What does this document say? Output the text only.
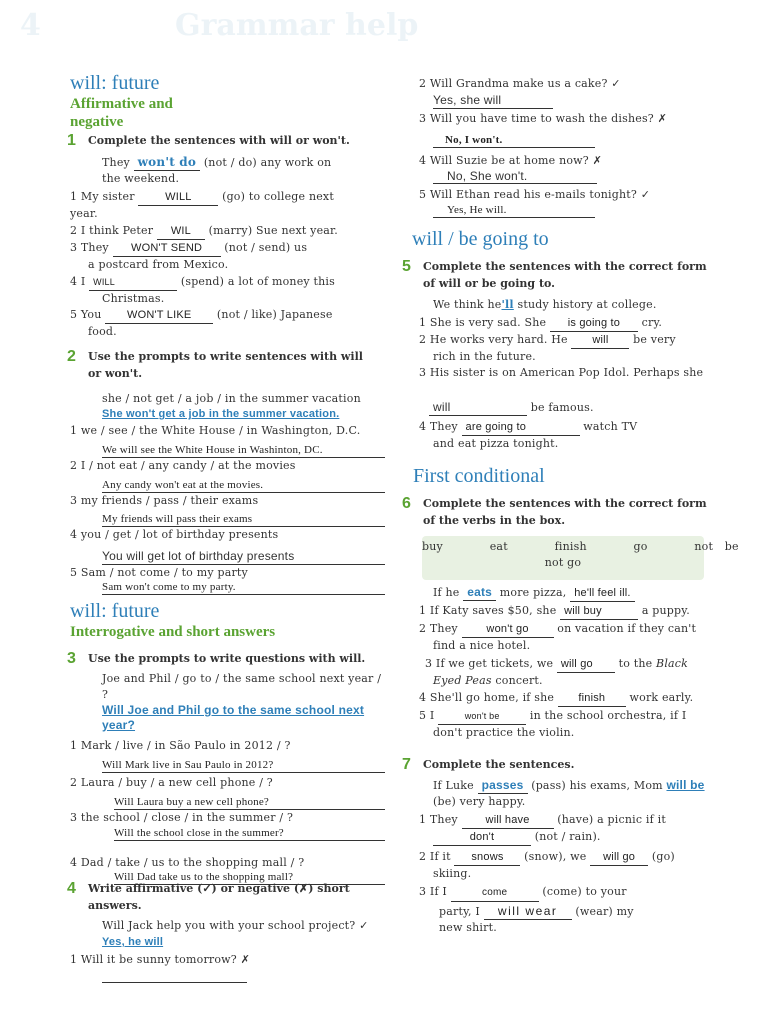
4	Grammar help
will: future
Affirmative and
negative
1	Complete the sentences with will or won't.
They won't do (not / do) any work on
the weekend.
1 My sister	WILL	(go) to college next
year.
2 I think Peter WIL (marry) Sue next year.
3 They WON'T SEND (not / send) us
a postcard from Mexico.
4 I WILL	(spend) a lot of money this
Christmas.
5 You WON'T LIKE (not / like) Japanese
food.
2	Use the prompts to write sentences with will
or won't.
she / not get / a job / in the summer vacation
She won't get a job in the summer vacation.
1 we / see / the White House / in Washington, D.C.
We will see the White House in Washinton, DC.
2 I / not eat / any candy / at the movies
Any candy won't eat at the movies.
3 my friends / pass / their exams
My friends will pass their exams
4 you / get / lot of birthday presents
You will get lot of birthday presents
5 Sam / not come / to my party
Sam won't come to my party.
will: future
Interrogative and short answers
3	Use the prompts to write questions with will.
Joe and Phil / go to / the same school next year / ?
Will Joe and Phil go to the same school next
year?
1 Mark / live / in São Paulo in 2012 / ?
Will Mark live in Sau Paulo in 2012?
2 Laura / buy / a new cell phone / ?
Will Laura buy a new cell phone?
3 the school / close / in the summer / ?
Will the school close in the summer?
4 Dad / take / us to the shopping mall / ?
Will Dad take us to the shopping mall?
4	Write affirmative (✓) or negative (✗) short
answers.
Will Jack help you with your school project? ✓
Yes, he will
1 Will it be sunny tomorrow? ✗
2 Will Grandma make us a cake? ✓
Yes, she will
3 Will you have time to wash the dishes? ✗
No, I won't.
4 Will Suzie be at home now? ✗
No, She won't.
5 Will Ethan read his e-mails tonight? ✓
Yes, He will.
will / be going to
5	Complete the sentences with the correct form
of will or be going to.
We think he'll study history at college.
1 She is very sad. She is going to cry.
2 He works very hard. He will be very
rich in the future.
3 His sister is on American Pop Idol. Perhaps she
will	be famous.
4 They are going to	watch TV
and eat pizza tonight.
First conditional
6	Complete the sentences with the correct form
of the verbs in the box.
buy    eat    finish    go    not be
not go
If he eats more pizza, he'll feel ill.
1 If Katy saves $50, she will buy	a puppy.
2 They	won't go	on vacation if they can't
find a nice hotel.
3 If we get tickets, we will go to the Black
Eyed Peas concert.
4 She'll go home, if she finish work early.
5 I	won't be	in the school orchestra, if I
don't practice the violin.
7	Complete the sentences.
If Luke passes (pass) his exams, Mom will be
(be) very happy.
1 They	will have	(have) a picnic if it
don't	(not / rain).
2 If it snows (snow), we will go (go)
skiing.
3 If I	come	(come) to your
party, I will wear (wear) my
new shirt.
